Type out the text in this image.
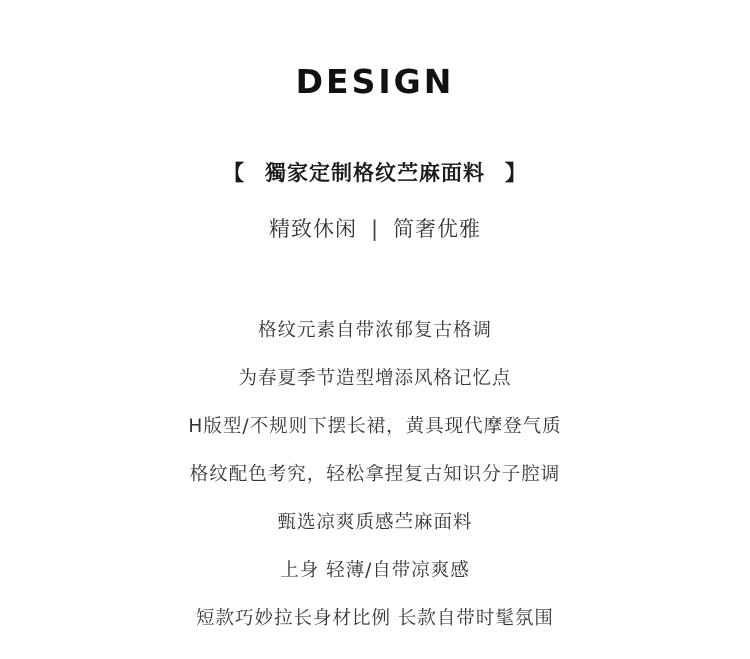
DESIGN
【 獨家定制格纹苎麻面料 】
精致休闲 | 简奢优雅
格纹元素自带浓郁复古格调
为春夏季节造型增添风格记忆点
H版型/不规则下摆长裙，黄具现代摩登气质
格纹配色考究，轻松拿捏复古知识分子腔调
甄选凉爽质感苎麻面料
上身 轻薄/自带凉爽感
短款巧妙拉长身材比例 长款自带时髦氛围
